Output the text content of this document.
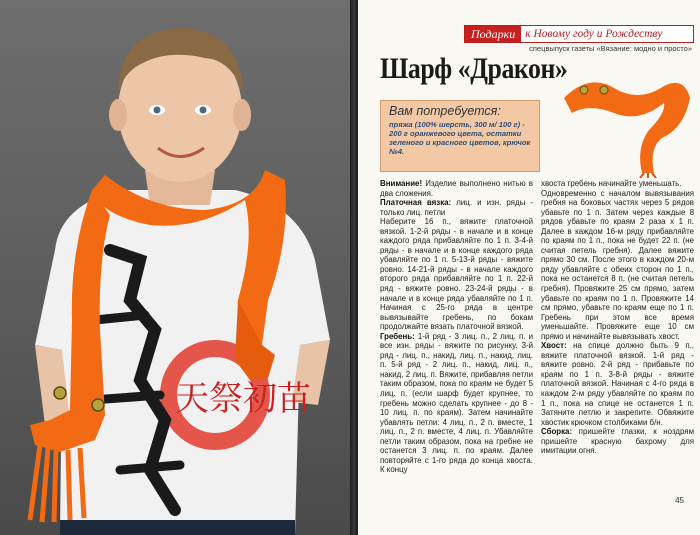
天祭初苗
Подарки к Новому году и Рождеству
спецвыпуск газеты «Вязание: модно и просто»
Шарф «Дракон»
Вам потребуется:
пряжа (100% шерсть, 300 м/ 100 г) - 200 г оранжевого цвета, остатки зеленого и красного цветов, крючок №4.

Внимание! Изделие выполнено нитью в два сложения.

Платочная вязка: лиц. и изн. ряды - только лиц. петли

Наберите 16 п., вяжите платочной вязкой. 1-2-й ряды - в начале и в конце каждого ряда прибавляйте по 1 п. 3-4-й ряды - в начале и в конце каждого ряда убавляйте по 1 п. 5-13-й ряды - вяжите ровно. 14-21-й ряды - в начале каждого второго ряда прибавляйте по 1 п. 22-й ряд - вяжите ровно. 23-24-й ряды - в начале и в конце ряда убавляйте по 1 п. Начиная с 25-го ряда в центре вывязывайте гребень, по бокам продолжайте вязать платочной вязкой.

Гребень: 1-й ряд - 3 лиц. п., 2 лиц. п. и все изн. ряды - вяжите по рисунку. 3-й ряд - лиц. п., накид, лиц. п., накид, лиц. п. 5-й ряд - 2 лиц. п., накид, лиц. п., накид, 2 лиц. п. Вяжите, прибавляя петли таким образом, пока по краям не будет 5 лиц. п. (если шарф будет крупнее, то гребень можно сделать крупнее - до 8 - 10 лиц. п. по краям). Затем начинайте убавлять петли: 4 лиц. п., 2 п. вместе, 1 лиц. п., 2 п. вместе, 4 лиц. п. Убавляйте петли таким образом, пока на гребне не останется 3 лиц. п. по краям. Далее повторяйте с 1-го ряда до конца хвоста. К концу

хвоста гребень начинайте уменьшать.

Одновременно с началом вывязывания гребня на боковых частях через 5 рядов убавьте по 1 п. Затем через каждые 8 рядов убавьте по краям 2 раза х 1 п. Далее в каждом 16-м ряду прибавляйте по краям по 1 п., пока не будет 22 п. (не считая петель гребня). Далее вяжите прямо 30 см. После этого в каждом 20-м ряду убавляйте с обеих сторон по 1 п., пока не останется 8 п. (не считая петель гребня). Провяжите 25 см прямо, затем убавьте по краям по 1 п. Провяжите 14 см прямо, убавьте по краям еще по 1 п. Гребень при этом все время уменьшайте. Провяжите еще 10 см прямо и начинайте вывязывать хвост.

Хвост: на спице должно быть 9 п., вяжите платочной вязкой. 1-й ряд - вяжите ровно. 2-й ряд - прибавьте по краям по 1 п. 3-8-й ряды - вяжите платочной вязкой. Начиная с 4-го ряда в каждом 2-м ряду убавляйте по краям по 1 п., пока на спице не останется 1 п. Затяните петлю и закрепите. Обвяжите хвостик крючком столбиками б/н.

Сборка: пришейте глазки, к ноздрям пришейте красную бахрому для имитации огня.

45
